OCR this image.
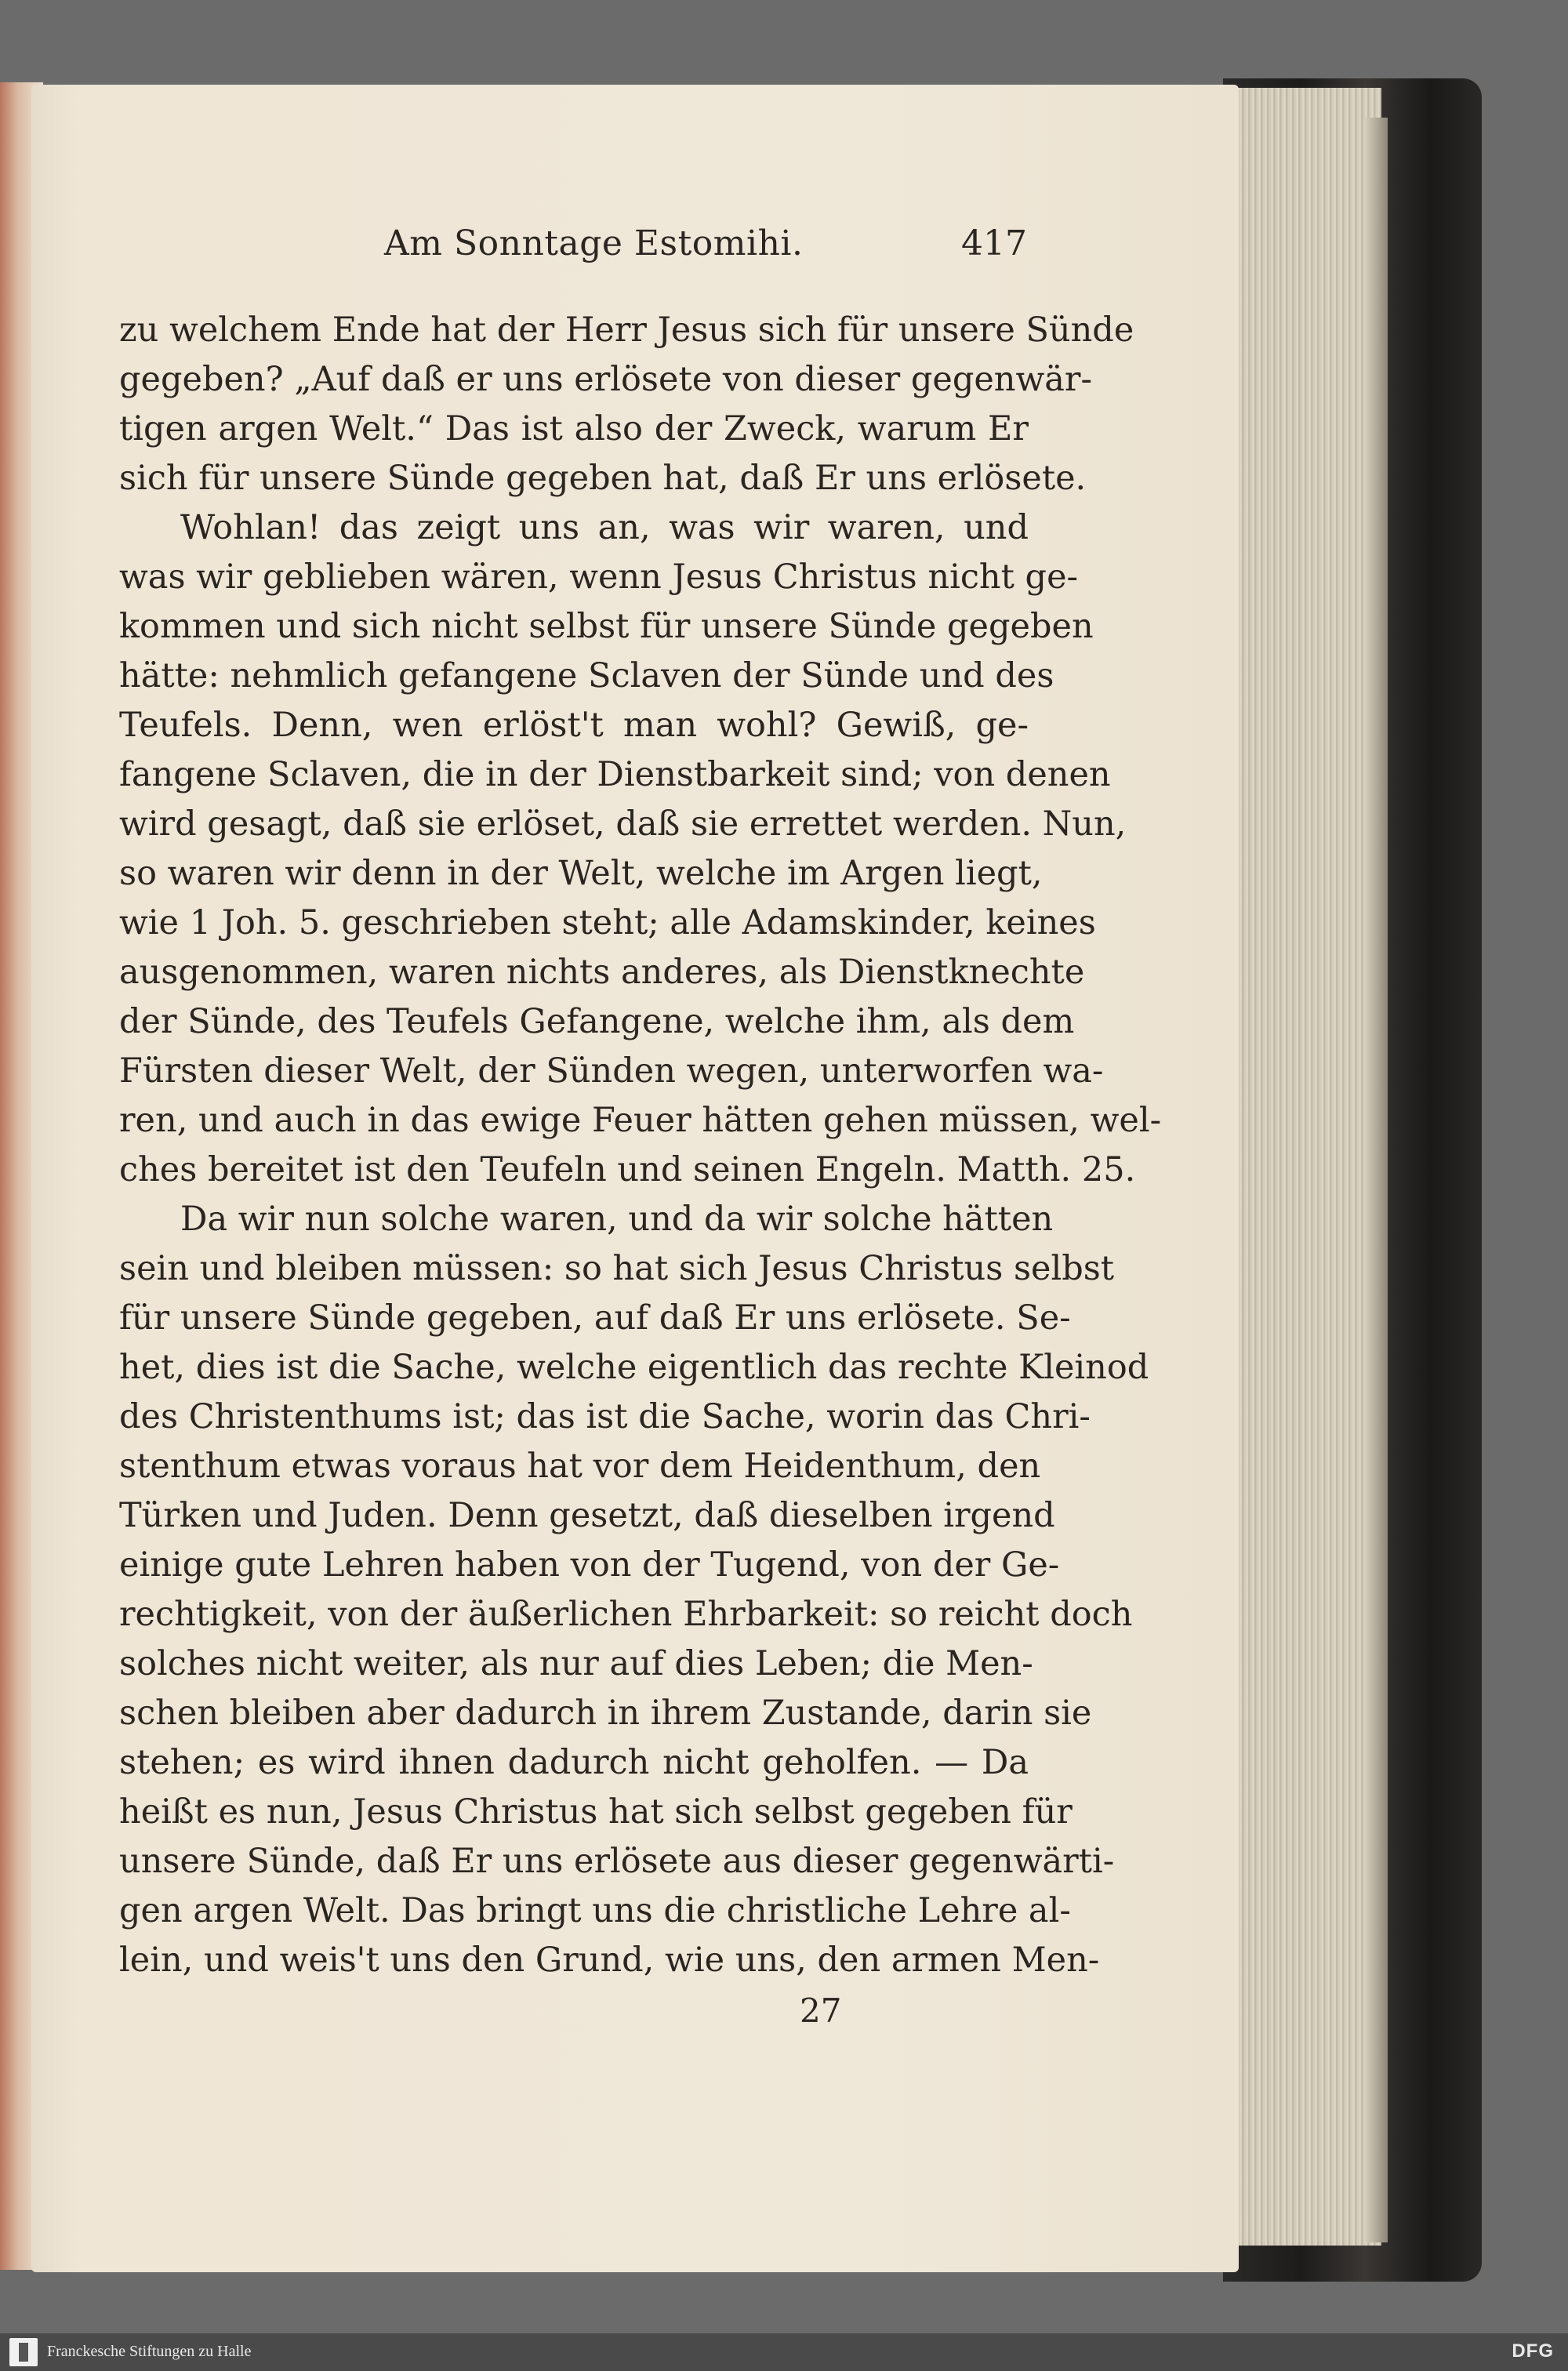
Am Sonntage Estomihi.	417
zu welchem Ende hat der Herr Jesus sich für unsere Sünde
gegeben? „Auf daß er uns erlösete von dieser gegenwär-
tigen argen Welt.“ Das ist also der Zweck, warum Er
sich für unsere Sünde gegeben hat, daß Er uns erlösete.
Wohlan! das zeigt uns an, was wir waren, und
was wir geblieben wären, wenn Jesus Christus nicht ge-
kommen und sich nicht selbst für unsere Sünde gegeben
hätte: nehmlich gefangene Sclaven der Sünde und des
Teufels. Denn, wen erlöst't man wohl? Gewiß, ge-
fangene Sclaven, die in der Dienstbarkeit sind; von denen
wird gesagt, daß sie erlöset, daß sie errettet werden. Nun,
so waren wir denn in der Welt, welche im Argen liegt,
wie 1 Joh. 5. geschrieben steht; alle Adamskinder, keines
ausgenommen, waren nichts anderes, als Dienstknechte
der Sünde, des Teufels Gefangene, welche ihm, als dem
Fürsten dieser Welt, der Sünden wegen, unterworfen wa-
ren, und auch in das ewige Feuer hätten gehen müssen, wel-
ches bereitet ist den Teufeln und seinen Engeln. Matth. 25.
Da wir nun solche waren, und da wir solche hätten
sein und bleiben müssen: so hat sich Jesus Christus selbst
für unsere Sünde gegeben, auf daß Er uns erlösete. Se-
het, dies ist die Sache, welche eigentlich das rechte Kleinod
des Christenthums ist; das ist die Sache, worin das Chri-
stenthum etwas voraus hat vor dem Heidenthum, den
Türken und Juden. Denn gesetzt, daß dieselben irgend
einige gute Lehren haben von der Tugend, von der Ge-
rechtigkeit, von der äußerlichen Ehrbarkeit: so reicht doch
solches nicht weiter, als nur auf dies Leben; die Men-
schen bleiben aber dadurch in ihrem Zustande, darin sie
stehen; es wird ihnen dadurch nicht geholfen. — Da
heißt es nun, Jesus Christus hat sich selbst gegeben für
unsere Sünde, daß Er uns erlösete aus dieser gegenwärti-
gen argen Welt. Das bringt uns die christliche Lehre al-
lein, und weis't uns den Grund, wie uns, den armen Men-
27
Franckesche Stiftungen zu Halle	DFG
